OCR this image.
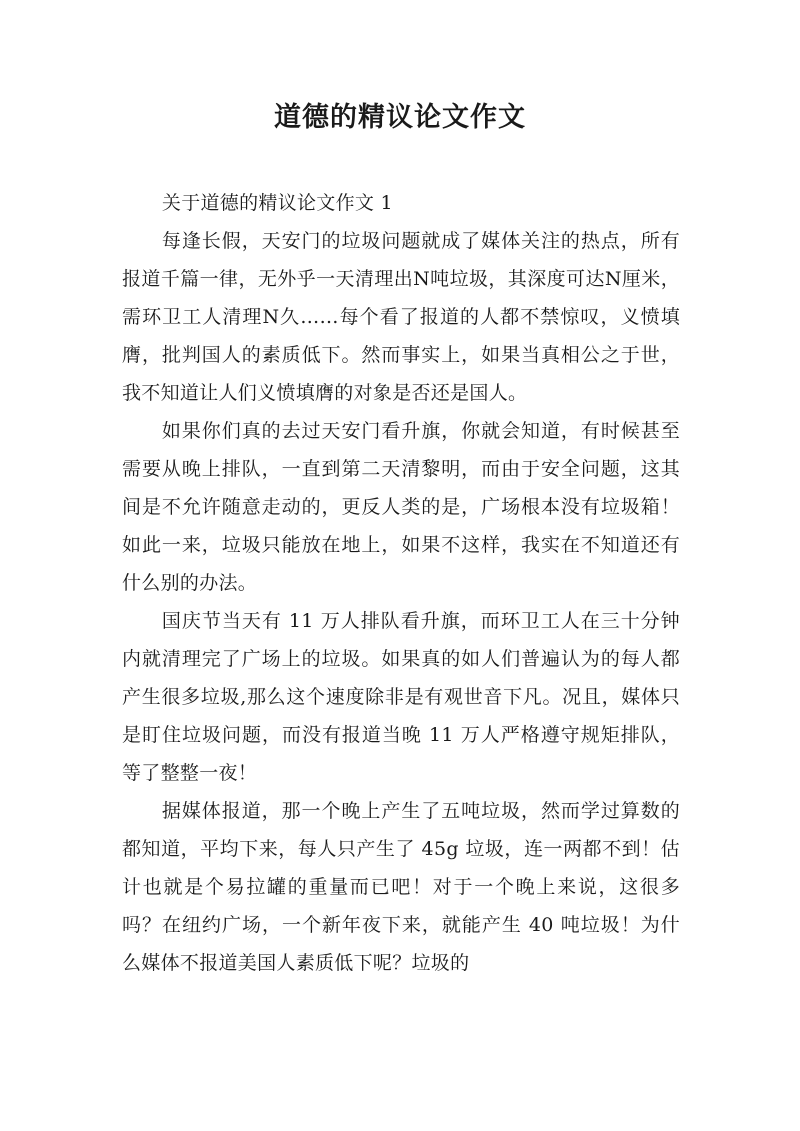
道德的精议论文作文

关于道德的精议论文作文 1

每逢长假，天安门的垃圾问题就成了媒体关注的热点，所有报道千篇一律，无外乎一天清理出N吨垃圾，其深度可达N厘米，需环卫工人清理N久……每个看了报道的人都不禁惊叹，义愤填膺，批判国人的素质低下。然而事实上，如果当真相公之于世，我不知道让人们义愤填膺的对象是否还是国人。

如果你们真的去过天安门看升旗，你就会知道，有时候甚至需要从晚上排队，一直到第二天清黎明，而由于安全问题，这其间是不允许随意走动的，更反人类的是，广场根本没有垃圾箱！如此一来，垃圾只能放在地上，如果不这样，我实在不知道还有什么别的办法。

国庆节当天有 11 万人排队看升旗，而环卫工人在三十分钟内就清理完了广场上的垃圾。如果真的如人们普遍认为的每人都产生很多垃圾,那么这个速度除非是有观世音下凡。况且，媒体只是盯住垃圾问题，而没有报道当晚 11 万人严格遵守规矩排队，等了整整一夜！

据媒体报道，那一个晚上产生了五吨垃圾，然而学过算数的都知道，平均下来，每人只产生了 45g 垃圾，连一两都不到！估计也就是个易拉罐的重量而已吧！对于一个晚上来说，这很多吗？在纽约广场，一个新年夜下来，就能产生 40 吨垃圾！为什么媒体不报道美国人素质低下呢？垃圾的
